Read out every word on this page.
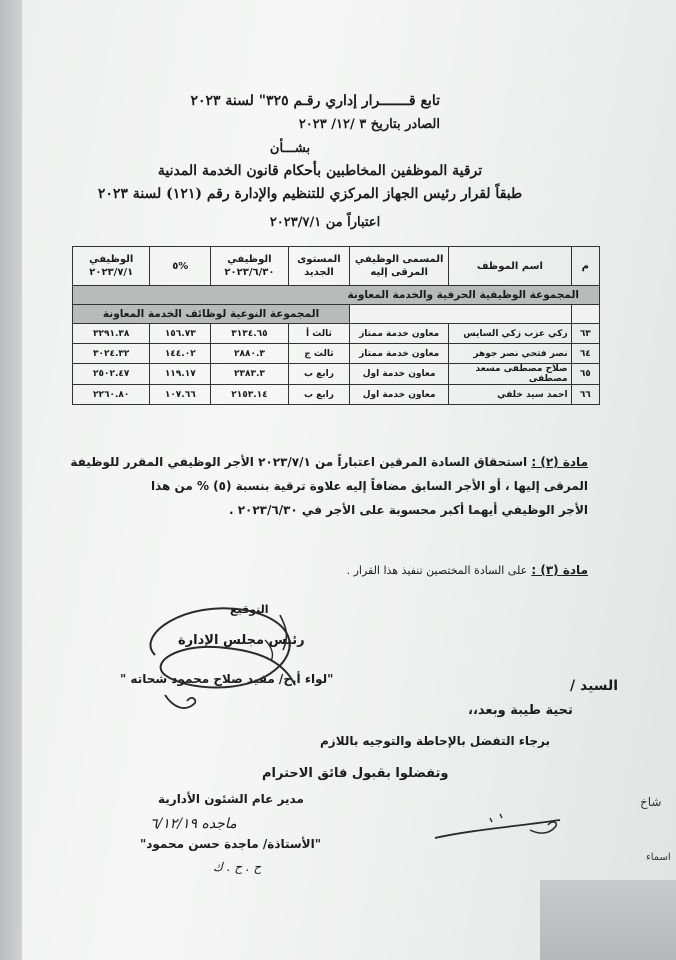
تابع قـــــــرار إداري رقـم ٣٢٥" لسنة ٢٠٢٣
الصادر بتاريخ ٣ /١٢/ ٢٠٢٣
بشـــأن
ترقية الموظفين المخاطبين بأحكام قانون الخدمة المدنية
طبقاً لقرار رئيس الجهاز المركزي للتنظيم والإدارة رقم (١٢١) لسنة ٢٠٢٣
اعتباراً من ٢٠٢٣/٧/١
م	اسم الموظف	المسمى الوظيفي المرقى إليه	المستوى الجديد	الوظيفي ٢٠٢٣/٦/٣٠	%٥	الوظيفي ٢٠٢٣/٧/١
المجموعة الوظيفية الحرفية والخدمة المعاونة						
			المجموعة النوعية لوظائف الخدمة المعاونة			
٦٣	زكي عزب زكي السايس	معاون خدمة ممتاز	ثالث أ	٣١٣٤.٦٥	١٥٦.٧٣	٣٢٩١.٣٨
٦٤	نصر فتحي نصر جوهر	معاون خدمة ممتاز	ثالث ج	٢٨٨٠.٣	١٤٤.٠٢	٣٠٢٤.٣٢
٦٥	صلاح مصطفى مسعد مصطفى	معاون خدمة اول	رابع ب	٢٣٨٣.٣	١١٩.١٧	٢٥٠٢.٤٧
٦٦	احمد سيد خلفي	معاون خدمة اول	رابع ب	٢١٥٣.١٤	١٠٧.٦٦	٢٢٦٠.٨٠
مادة (٢) : استحقاق السادة المرقين اعتباراً من ٢٠٢٣/٧/١ الأجر الوظيفي المقرر للوظيفة
المرقى إليها ، أو الأجر السابق مضافاً إليه علاوة ترقية بنسبة (٥) % من هذا
الأجر الوظيفي أيهما أكبر محسوبة على الأجر في ٢٠٢٣/٦/٣٠ .
مادة (٣) : على السادة المختصين تنفيذ هذا القرار .
التوقيع
رئيس مجلس الإدارة
"لواء أ.ح/ مفيد صلاح محمود شحاته "	السيد /
تحية طيبة وبعد،،
برجاء التفضل بالإحاطة والتوجيه باللازم
وتفضلوا بقبول فائق الاحترام
مدير عام الشئون الأدارية
ماجده ٦/١٢/١٩
"الأستاذة/ ماجدة حسن محمود"
ح . ح . ك
شاخ
اسماء
